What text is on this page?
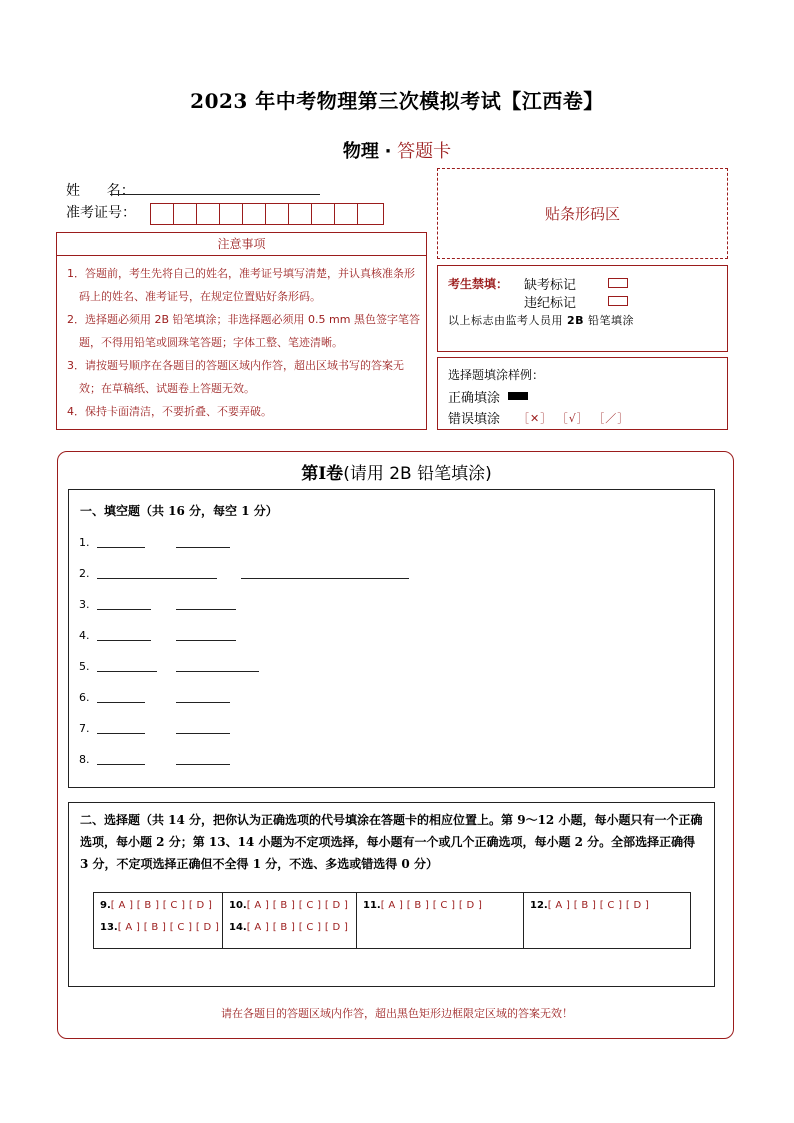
2023 年中考物理第三次模拟考试【江西卷】
物理 · 答题卡
姓      名：
准考证号：	贴条形码区
注意事项
1．答题前，考生先将自己的姓名，准考证号填写清楚，并认真核准条形码上的姓名、准考证号，在规定位置贴好条形码。
2．选择题必须用 2B 铅笔填涂；非选择题必须用 0.5 mm 黑色签字笔答题，不得用铅笔或圆珠笔答题；字体工整、笔迹清晰。
3．请按题号顺序在各题目的答题区域内作答，超出区域书写的答案无效；在草稿纸、试题卷上答题无效。
4．保持卡面清洁，不要折叠、不要弄破。
考生禁填： 缺考标记
违纪标记
以上标志由监考人员用 2B 铅笔填涂
选择题填涂样例：
正确填涂
错误填涂 ［✕］ ［√］ ［／］
第Ⅰ卷(请用 2B 铅笔填涂)
一、填空题（共 16 分，每空 1 分）
1.
2.
3.
4.
5.
6.
7.
8.
二、选择题（共 14 分，把你认为正确选项的代号填涂在答题卡的相应位置上。第 9～12 小题，每小题只有一个正确选项，每小题 2 分；第 13、14 小题为不定项选择，每小题有一个或几个正确选项，每小题 2 分。全部选择正确得 3 分，不定项选择正确但不全得 1 分，不选、多选或错选得 0 分）
9.[ A ] [ B ] [ C ] [ D ]
13.[ A ] [ B ] [ C ] [ D ]
10.[ A ] [ B ] [ C ] [ D ]
14.[ A ] [ B ] [ C ] [ D ]
11.[ A ] [ B ] [ C ] [ D ]	12.[ A ] [ B ] [ C ] [ D ]
请在各题目的答题区域内作答，超出黑色矩形边框限定区域的答案无效！
